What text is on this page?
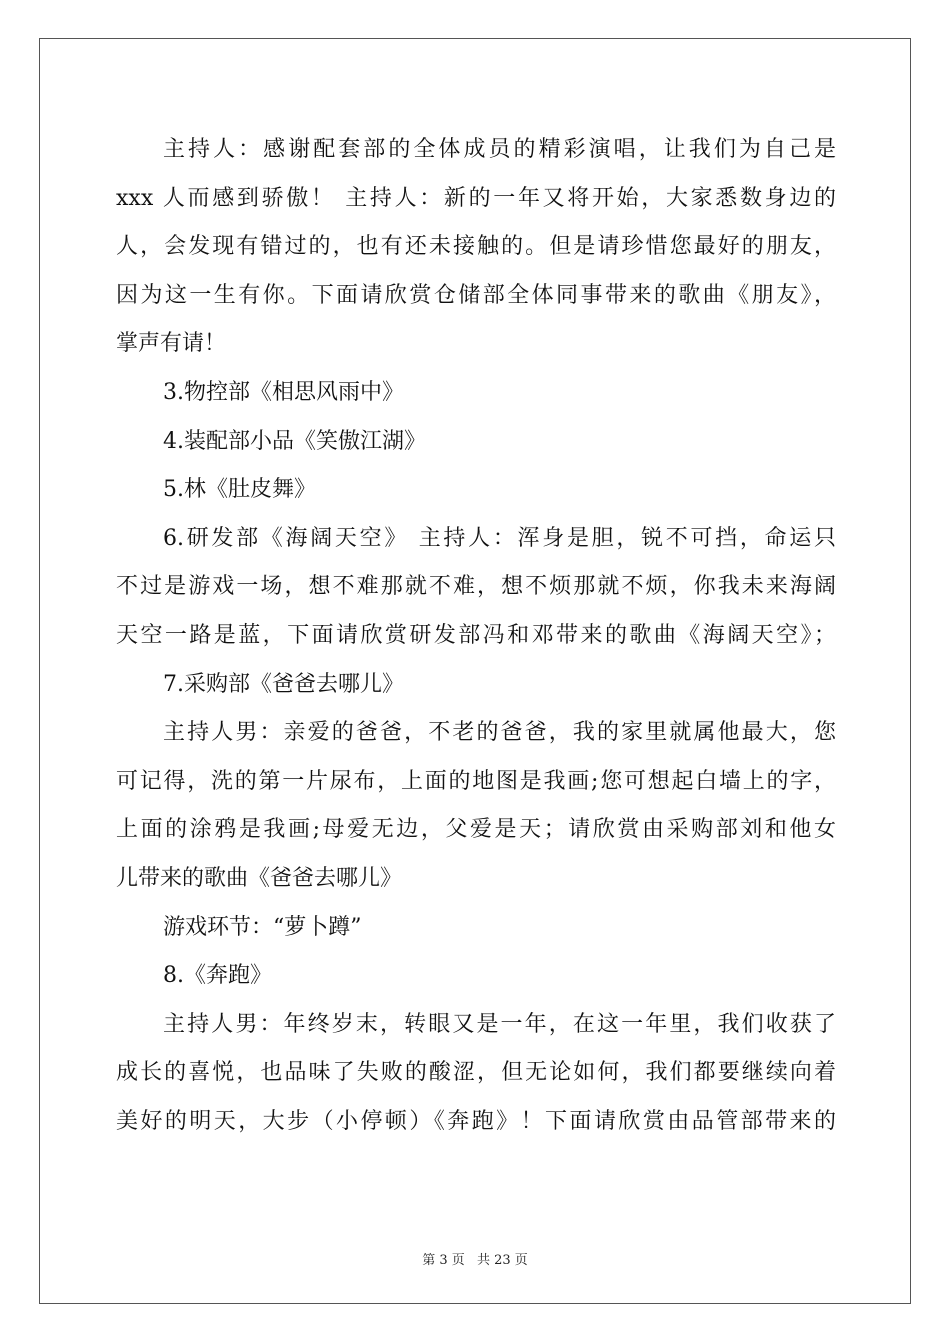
主持人：感谢配套部的全体成员的精彩演唱，让我们为自己是
xxx 人而感到骄傲！ 主持人：新的一年又将开始，大家悉数身边的
人，会发现有错过的，也有还未接触的。但是请珍惜您最好的朋友，
因为这一生有你。下面请欣赏仓储部全体同事带来的歌曲《朋友》，
掌声有请！
3.物控部《相思风雨中》
4.装配部小品《笑傲江湖》
5.林《肚皮舞》
6.研发部《海阔天空》 主持人：浑身是胆，锐不可挡，命运只
不过是游戏一场，想不难那就不难，想不烦那就不烦，你我未来海阔
天空一路是蓝，下面请欣赏研发部冯和邓带来的歌曲《海阔天空》；
7.采购部《爸爸去哪儿》
主持人男：亲爱的爸爸，不老的爸爸，我的家里就属他最大，您
可记得，洗的第一片尿布，上面的地图是我画;您可想起白墙上的字，
上面的涂鸦是我画;母爱无边，父爱是天；请欣赏由采购部刘和他女
儿带来的歌曲《爸爸去哪儿》
游戏环节：“萝卜蹲”
8.《奔跑》
主持人男：年终岁末，转眼又是一年，在这一年里，我们收获了
成长的喜悦，也品味了失败的酸涩，但无论如何，我们都要继续向着
美好的明天，大步（小停顿）《奔跑》！下面请欣赏由品管部带来的
第 3 页 共 23 页
